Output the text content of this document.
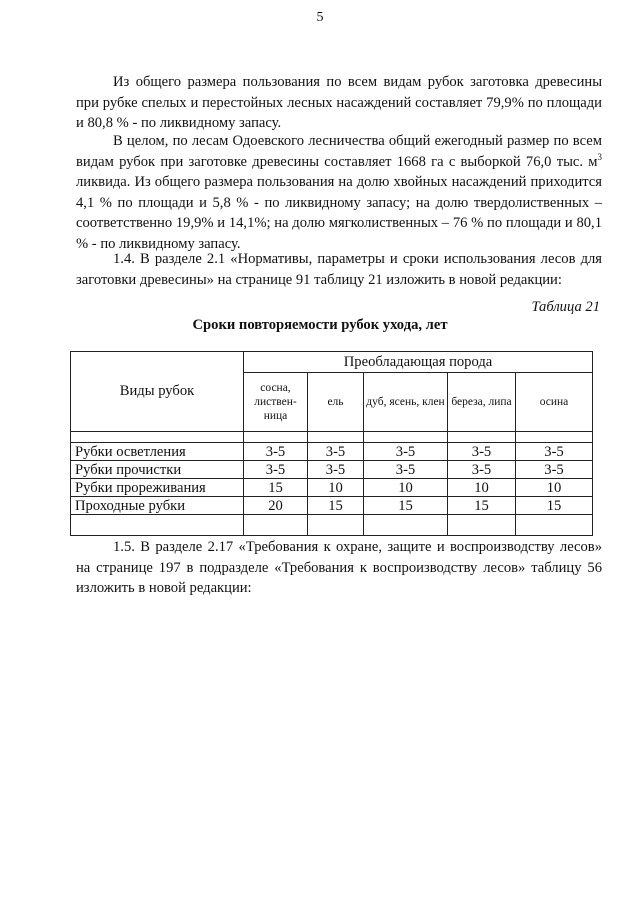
5

Из общего размера пользования по всем видам рубок заготовка древесины при рубке спелых и перестойных лесных насаждений составляет 79,9% по площади и 80,8 % - по ликвидному запасу.

В целом, по лесам Одоевского лесничества общий ежегодный размер по всем видам рубок при заготовке древесины составляет 1668 га с выборкой 76,0 тыс. $м^3$ ликвида. Из общего размера пользования на долю хвойных насаждений приходится 4,1 % по площади и 5,8 % - по ликвидному запасу; на долю твердолиственных – соответственно 19,9% и 14,1%; на долю мягколиственных – 76 % по площади и 80,1 % - по ликвидному запасу.

1.4. В разделе 2.1 «Нормативы, параметры и сроки использования лесов для заготовки древесины» на странице 91 таблицу 21 изложить в новой редакции:

Таблица 21
Сроки повторяемости рубок ухода, лет
Виды рубок	Преобладающая порода				
	сосна, листвен-ница	ель	дуб, ясень, клен	береза, липа	осина

Рубки осветления	3-5	3-5	3-5	3-5	3-5
Рубки прочистки	3-5	3-5	3-5	3-5	3-5
Рубки прореживания	15	10	10	10	10
Проходные рубки	20	15	15	15	15

1.5. В разделе 2.17 «Требования к охране, защите и воспроизводству лесов» на странице 197 в подразделе «Требования к воспроизводству лесов» таблицу 56 изложить в новой редакции:
